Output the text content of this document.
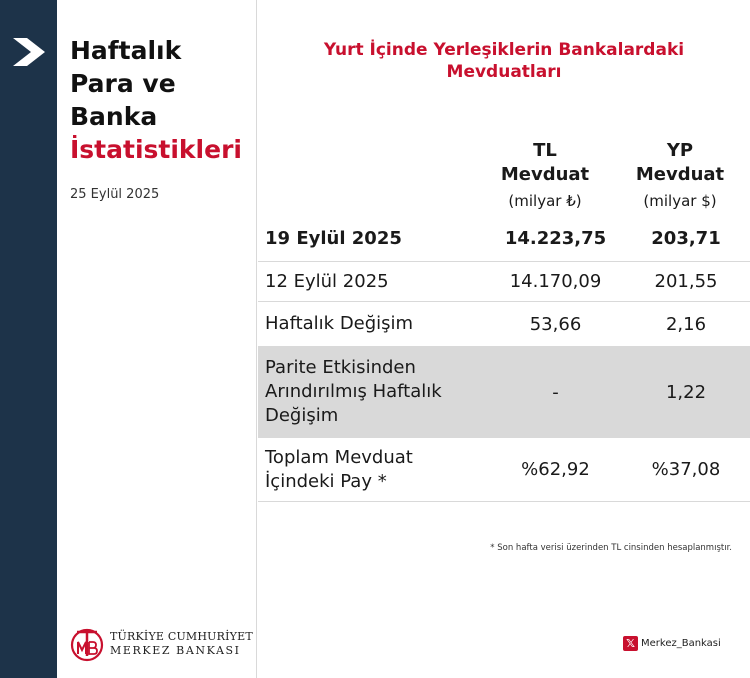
Haftalık
Para ve
Banka
İstatistikleri
25 Eylül 2025
TÜRKİYE CUMHURİYET
MERKEZ BANKASI
Yurt İçinde Yerleşiklerin Bankalardaki
Mevduatları
TL
Mevduat
(milyar ₺)
YP
Mevduat
(milyar $)
19 Eylül 2025	14.223,75	203,71
12 Eylül 2025	14.170,09	201,55
Haftalık Değişim	53,66	2,16
Parite Etkisinden
Arındırılmış Haftalık
Değişim
-	1,22
Toplam Mevduat
İçindeki Pay *
%62,92	%37,08
* Son hafta verisi üzerinden TL cinsinden hesaplanmıştır.
𝕏 Merkez_Bankasi
